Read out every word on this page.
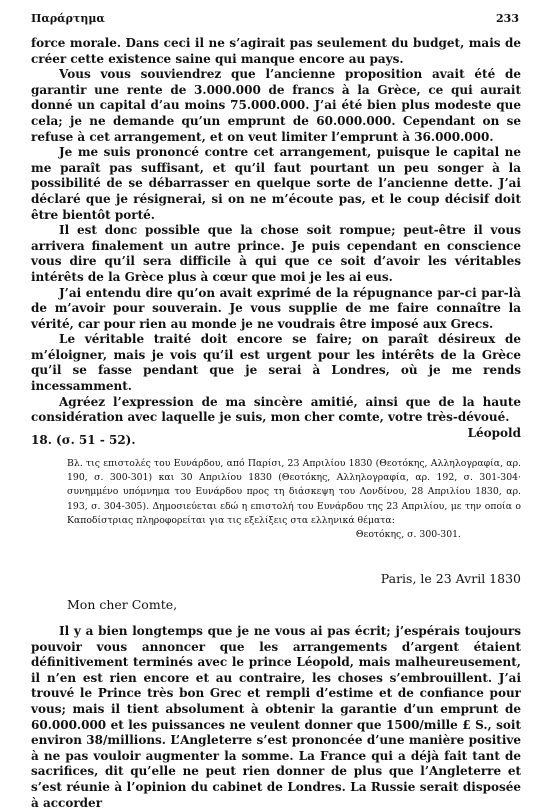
Παράρτημα	233

force morale. Dans ceci il ne s’agirait pas seulement du budget, mais de créer cette existence saine qui manque encore au pays.

Vous vous souviendrez que l’ancienne proposition avait été de garantir une rente de 3.000.000 de francs à la Grèce, ce qui aurait donné un capital d’au moins 75.000.000. J’ai été bien plus modeste que cela; je ne demande qu’un emprunt de 60.000.000. Cependant on se refuse à cet arrangement, et on veut limiter l’emprunt à 36.000.000.

Je me suis prononcé contre cet arrangement, puisque le capital ne me paraît pas suffisant, et qu’il faut pourtant un peu songer à la possibilité de se débarrasser en quelque sorte de l’ancienne dette. J’ai déclaré que je résignerai, si on ne m’écoute pas, et le coup décisif doit être bientôt porté.

Il est donc possible que la chose soit rompue; peut-être il vous arrivera finalement un autre prince. Je puis cependant en conscience vous dire qu’il sera difficile à qui que ce soit d’avoir les véritables intérêts de la Grèce plus à cœur que moi je les ai eus.

J’ai entendu dire qu’on avait exprimé de la répugnance par-ci par-là de m’avoir pour souverain. Je vous supplie de me faire connaître la vérité, car pour rien au monde je ne voudrais être imposé aux Grecs.

Le véritable traité doit encore se faire; on paraît désireux de m’éloigner, mais je vois qu’il est urgent pour les intérêts de la Grèce qu’il se fasse pendant que je serai à Londres, où je me rends incessamment.

Agréez l’expression de ma sincère amitié, ainsi que de la haute considération avec laquelle je suis, mon cher comte, votre très-dévoué.

Léopold

18. (σ. 51 - 52).

Βλ. τις επιστολές του Ευνάρδου, από Παρίσι, 23 Απριλίου 1830 (Θεοτόκης, Αλληλογραφία, αρ. 190, σ. 300-301) και 30 Απριλίου 1830 (Θεοτόκης, Αλληλογραφία, αρ. 192, σ. 301-304· συνημμένο υπόμνημα του Ευνάρδου προς τη διάσκεψη του Λονδίνου, 28 Απριλίου 1830, αρ. 193, σ. 304-305). Δημοσιεύεται εδώ η επιστολή του Ευνάρδου της 23 Απριλίου, με την οποία ο Καποδίστριας πληροφορείται για τις εξελίξεις στα ελληνικά θέματα:

Θεοτόκης, σ. 300-301.

Paris, le 23 Avril 1830
Mon cher Comte,

Il y a bien longtemps que je ne vous ai pas écrit; j’espérais toujours pouvoir vous annoncer que les arrangements d’argent étaient définitivement terminés avec le prince Léopold, mais malheureusement, il n’en est rien encore et au contraire, les choses s’embrouillent. J’ai trouvé le Prince très bon Grec et rempli d’estime et de confiance pour vous; mais il tient absolument à obtenir la garantie d’un emprunt de 60.000.000 et les puissances ne veulent donner que 1500/mille £ S., soit environ 38/millions. L’Angleterre s’est prononcée d’une manière positive à ne pas vouloir augmenter la somme. La France qui a déjà fait tant de sacrifices, dit qu’elle ne peut rien donner de plus que l’Angleterre et s’est réunie à l’opinion du cabinet de Londres. La Russie serait disposée à accorder
